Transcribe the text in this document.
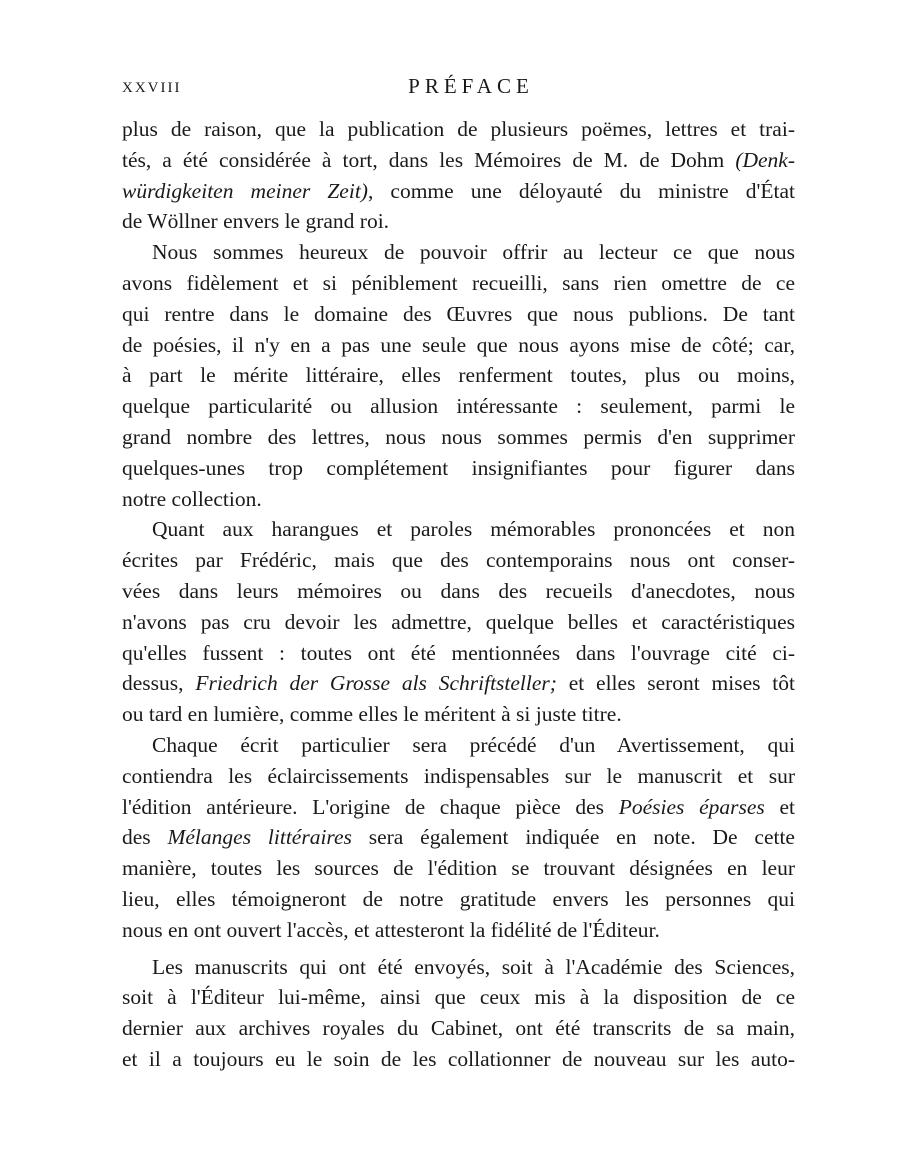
XXVIII	PRÉFACE
plus de raison, que la publication de plusieurs poëmes, lettres et trai-
tés, a été considérée à tort, dans les Mémoires de M. de Dohm (Denk-
würdigkeiten meiner Zeit), comme une déloyauté du ministre d'État
de Wöllner envers le grand roi.
Nous sommes heureux de pouvoir offrir au lecteur ce que nous
avons fidèlement et si péniblement recueilli, sans rien omettre de ce
qui rentre dans le domaine des Œuvres que nous publions. De tant
de poésies, il n'y en a pas une seule que nous ayons mise de côté; car,
à part le mérite littéraire, elles renferment toutes, plus ou moins,
quelque particularité ou allusion intéressante : seulement, parmi le
grand nombre des lettres, nous nous sommes permis d'en supprimer
quelques-unes trop complétement insignifiantes pour figurer dans
notre collection.
Quant aux harangues et paroles mémorables prononcées et non
écrites par Frédéric, mais que des contemporains nous ont conser-
vées dans leurs mémoires ou dans des recueils d'anecdotes, nous
n'avons pas cru devoir les admettre, quelque belles et caractéristiques
qu'elles fussent : toutes ont été mentionnées dans l'ouvrage cité ci-
dessus, Friedrich der Grosse als Schriftsteller; et elles seront mises tôt
ou tard en lumière, comme elles le méritent à si juste titre.
Chaque écrit particulier sera précédé d'un Avertissement, qui
contiendra les éclaircissements indispensables sur le manuscrit et sur
l'édition antérieure. L'origine de chaque pièce des Poésies éparses et
des Mélanges littéraires sera également indiquée en note. De cette
manière, toutes les sources de l'édition se trouvant désignées en leur
lieu, elles témoigneront de notre gratitude envers les personnes qui
nous en ont ouvert l'accès, et attesteront la fidélité de l'Éditeur.
Les manuscrits qui ont été envoyés, soit à l'Académie des Sciences,
soit à l'Éditeur lui-même, ainsi que ceux mis à la disposition de ce
dernier aux archives royales du Cabinet, ont été transcrits de sa main,
et il a toujours eu le soin de les collationner de nouveau sur les auto-
